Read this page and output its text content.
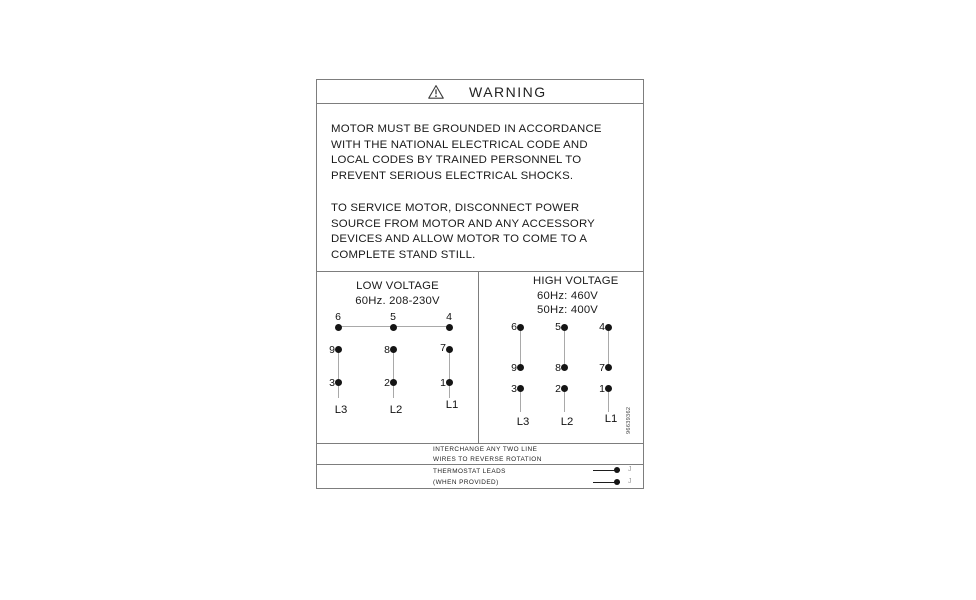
WARNING
MOTOR MUST BE GROUNDED IN ACCORDANCE
WITH THE NATIONAL ELECTRICAL CODE AND
LOCAL CODES BY TRAINED PERSONNEL TO
PREVENT SERIOUS ELECTRICAL SHOCKS.
TO SERVICE MOTOR, DISCONNECT POWER
SOURCE FROM MOTOR AND ANY ACCESSORY
DEVICES AND ALLOW MOTOR TO COME TO A
COMPLETE STAND STILL.
LOW VOLTAGE
60Hz. 208-230V
6	5	4
9	8	7
3	2	1
L3	L2	L1
HIGH VOLTAGE
60Hz: 460V
50Hz: 400V
6	5	4
9	8	7
3	2	1
L3	L2	L1	96639362
INTERCHANGE ANY TWO LINE
WIRES TO REVERSE ROTATION
THERMOSTAT LEADS
(WHEN PROVIDED)
J
J
